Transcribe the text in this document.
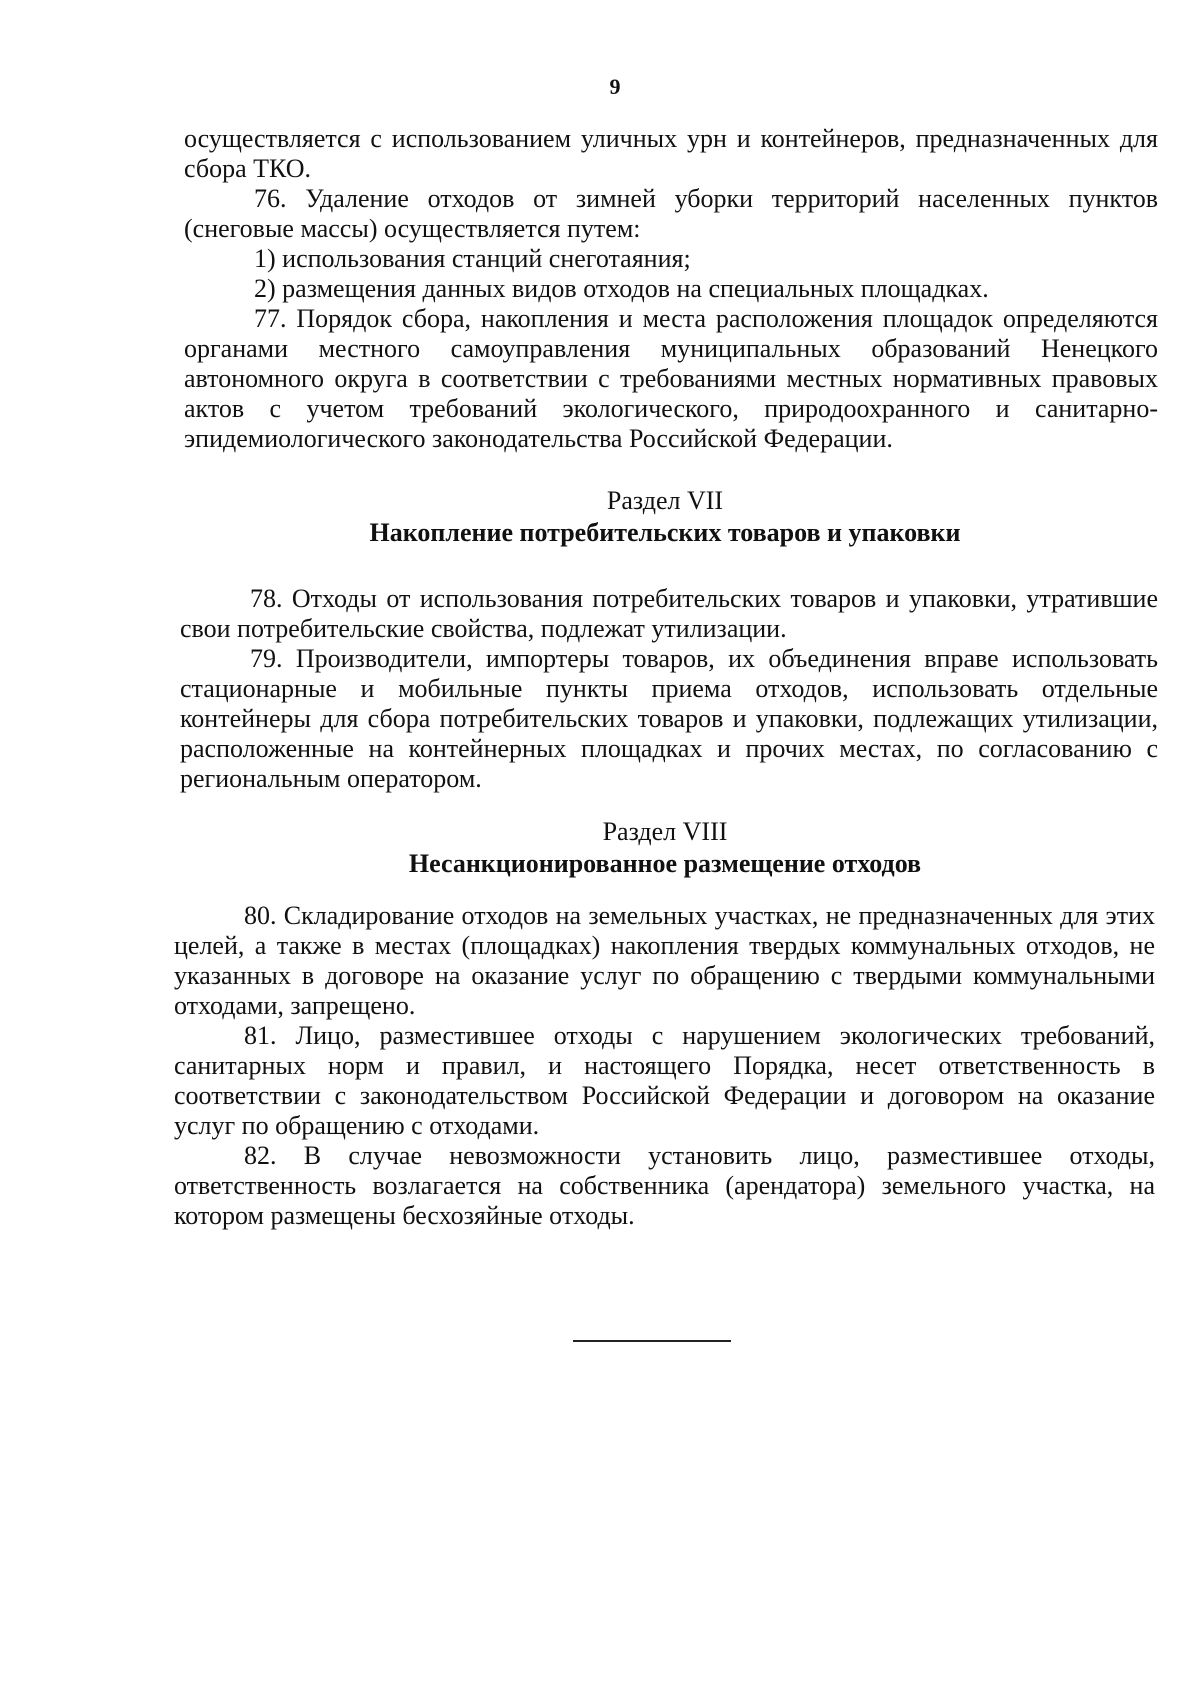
9

осуществляется с использованием уличных урн и контейнеров, предназначенных для сбора ТКО.

76. Удаление отходов от зимней уборки территорий населенных пунктов (снеговые массы) осуществляется путем:

1) использования станций снеготаяния;

2) размещения данных видов отходов на специальных площадках.

77. Порядок сбора, накопления и места расположения площадок определяются органами местного самоуправления муниципальных образований Ненецкого автономного округа в соответствии с требованиями местных нормативных правовых актов с учетом требований экологического, природоохранного и санитарно-эпидемиологического законодательства Российской Федерации.

Раздел VII
Накопление потребительских товаров и упаковки

78. Отходы от использования потребительских товаров и упаковки, утратившие свои потребительские свойства, подлежат утилизации.

79. Производители, импортеры товаров, их объединения вправе использовать стационарные и мобильные пункты приема отходов, использовать отдельные контейнеры для сбора потребительских товаров и упаковки, подлежащих утилизации, расположенные на контейнерных площадках и прочих местах, по согласованию с региональным оператором.

Раздел VIII
Несанкционированное размещение отходов

80. Складирование отходов на земельных участках, не предназначенных для этих целей, а также в местах (площадках) накопления твердых коммунальных отходов, не указанных в договоре на оказание услуг по обращению с твердыми коммунальными отходами, запрещено.

81. Лицо, разместившее отходы с нарушением экологических требований, санитарных норм и правил, и настоящего Порядка, несет ответственность в соответствии с законодательством Российской Федерации и договором на оказание услуг по обращению с отходами.

82. В случае невозможности установить лицо, разместившее отходы, ответственность возлагается на собственника (арендатора) земельного участка, на котором размещены бесхозяйные отходы.
